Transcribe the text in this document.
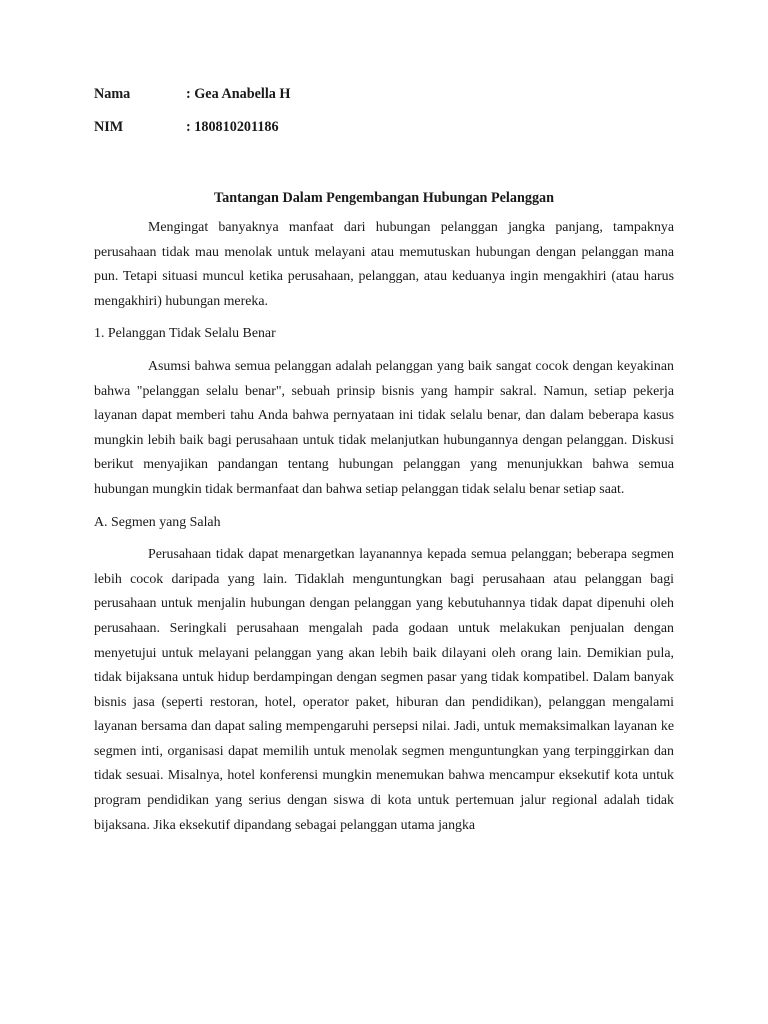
Nama	: Gea Anabella H
NIM	: 180810201186
Tantangan Dalam Pengembangan Hubungan Pelanggan

Mengingat banyaknya manfaat dari hubungan pelanggan jangka panjang, tampaknya perusahaan tidak mau menolak untuk melayani atau memutuskan hubungan dengan pelanggan mana pun. Tetapi situasi muncul ketika perusahaan, pelanggan, atau keduanya ingin mengakhiri (atau harus mengakhiri) hubungan mereka.

1. Pelanggan Tidak Selalu Benar

Asumsi bahwa semua pelanggan adalah pelanggan yang baik sangat cocok dengan keyakinan bahwa "pelanggan selalu benar", sebuah prinsip bisnis yang hampir sakral. Namun, setiap pekerja layanan dapat memberi tahu Anda bahwa pernyataan ini tidak selalu benar, dan dalam beberapa kasus mungkin lebih baik bagi perusahaan untuk tidak melanjutkan hubungannya dengan pelanggan. Diskusi berikut menyajikan pandangan tentang hubungan pelanggan yang menunjukkan bahwa semua hubungan mungkin tidak bermanfaat dan bahwa setiap pelanggan tidak selalu benar setiap saat.

A. Segmen yang Salah

Perusahaan tidak dapat menargetkan layanannya kepada semua pelanggan; beberapa segmen lebih cocok daripada yang lain. Tidaklah menguntungkan bagi perusahaan atau pelanggan bagi perusahaan untuk menjalin hubungan dengan pelanggan yang kebutuhannya tidak dapat dipenuhi oleh perusahaan. Seringkali perusahaan mengalah pada godaan untuk melakukan penjualan dengan menyetujui untuk melayani pelanggan yang akan lebih baik dilayani oleh orang lain. Demikian pula, tidak bijaksana untuk hidup berdampingan dengan segmen pasar yang tidak kompatibel. Dalam banyak bisnis jasa (seperti restoran, hotel, operator paket, hiburan dan pendidikan), pelanggan mengalami layanan bersama dan dapat saling mempengaruhi persepsi nilai. Jadi, untuk memaksimalkan layanan ke segmen inti, organisasi dapat memilih untuk menolak segmen menguntungkan yang terpinggirkan dan tidak sesuai. Misalnya, hotel konferensi mungkin menemukan bahwa mencampur eksekutif kota untuk program pendidikan yang serius dengan siswa di kota untuk pertemuan jalur regional adalah tidak bijaksana. Jika eksekutif dipandang sebagai pelanggan utama jangka
